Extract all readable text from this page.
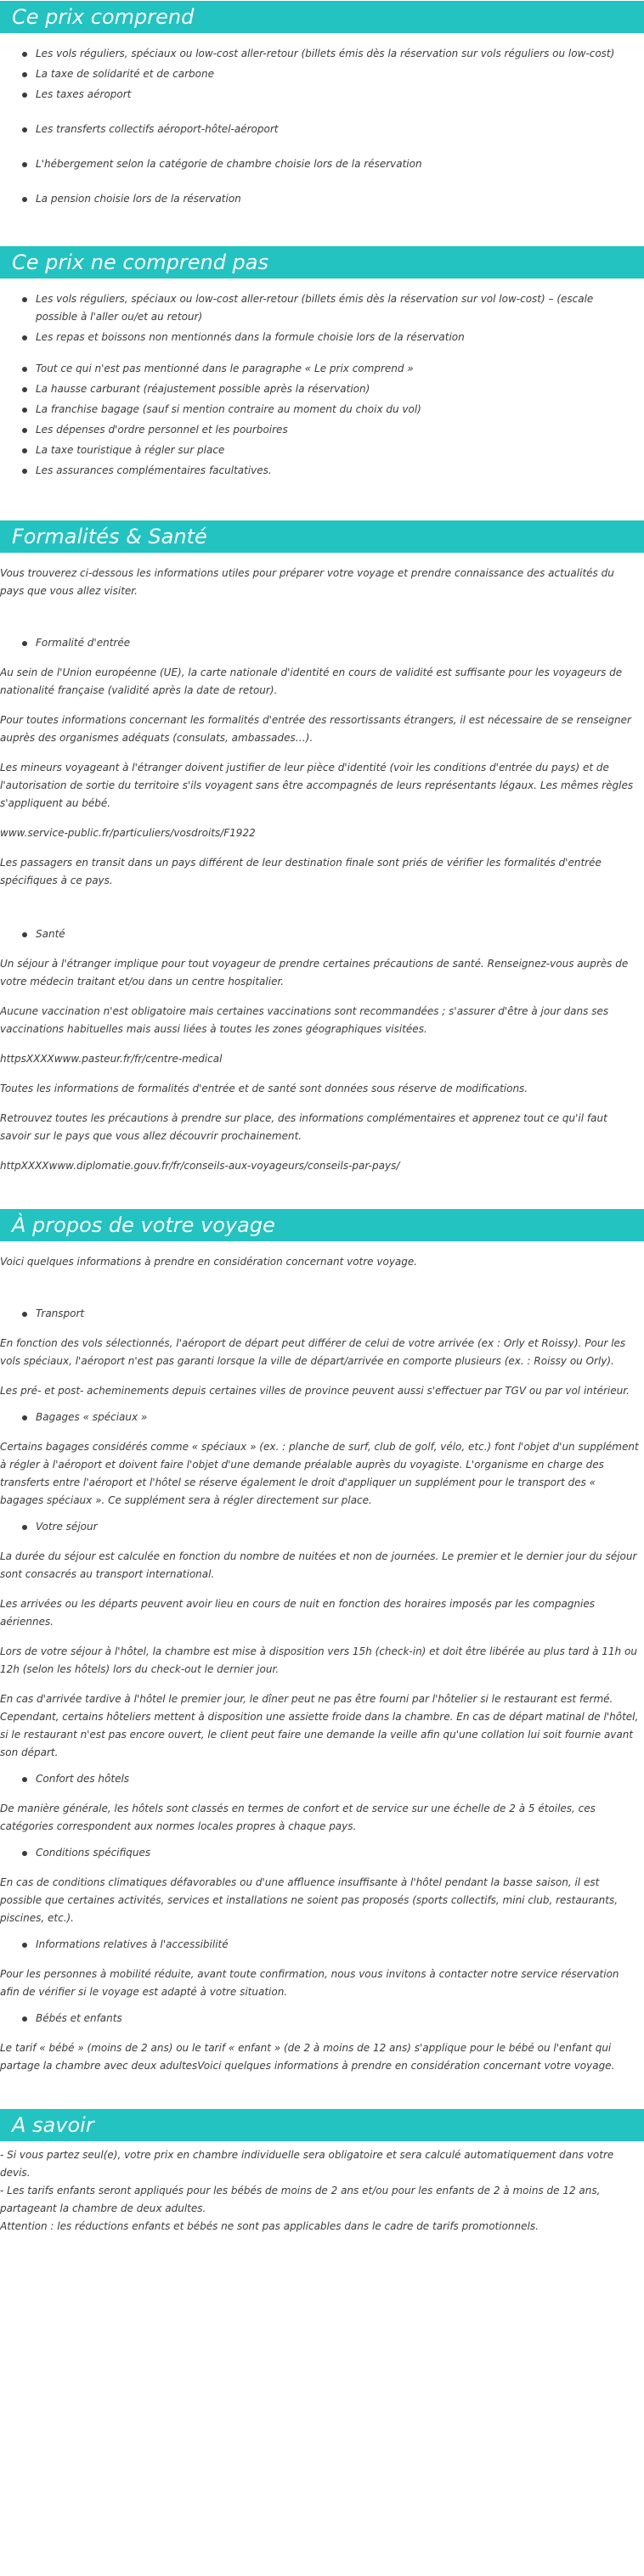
Ce prix comprend
Les vols réguliers, spéciaux ou low-cost aller-retour (billets émis dès la réservation sur vols réguliers ou low-cost)
La taxe de solidarité et de carbone
Les taxes aéroport
Les transferts collectifs aéroport-hôtel-aéroport
L'hébergement selon la catégorie de chambre choisie lors de la réservation
La pension choisie lors de la réservation
Ce prix ne comprend pas
Les vols réguliers, spéciaux ou low-cost aller-retour (billets émis dès la réservation sur vol low-cost) – (escale possible à l'aller ou/et au retour)
Les repas et boissons non mentionnés dans la formule choisie lors de la réservation
Tout ce qui n'est pas mentionné dans le paragraphe « Le prix comprend »
La hausse carburant (réajustement possible après la réservation)
La franchise bagage (sauf si mention contraire au moment du choix du vol)
Les dépenses d'ordre personnel et les pourboires
La taxe touristique à régler sur place
Les assurances complémentaires facultatives.
Formalités & Santé

Vous trouverez ci-dessous les informations utiles pour préparer votre voyage et prendre connaissance des actualités du pays que vous allez visiter.

Formalité d'entrée

Au sein de l'Union européenne (UE), la carte nationale d'identité en cours de validité est suffisante pour les voyageurs de nationalité française (validité après la date de retour).

Pour toutes informations concernant les formalités d'entrée des ressortissants étrangers, il est nécessaire de se renseigner auprès des organismes adéquats (consulats, ambassades…).

Les mineurs voyageant à l'étranger doivent justifier de leur pièce d'identité (voir les conditions d'entrée du pays) et de l'autorisation de sortie du territoire s'ils voyagent sans être accompagnés de leurs représentants légaux. Les mêmes règles s'appliquent au bébé.

www.service-public.fr/particuliers/vosdroits/F1922

Les passagers en transit dans un pays différent de leur destination finale sont priés de vérifier les formalités d'entrée spécifiques à ce pays.

Santé

Un séjour à l'étranger implique pour tout voyageur de prendre certaines précautions de santé. Renseignez-vous auprès de votre médecin traitant et/ou dans un centre hospitalier.

Aucune vaccination n'est obligatoire mais certaines vaccinations sont recommandées ; s'assurer d'être à jour dans ses vaccinations habituelles mais aussi liées à toutes les zones géographiques visitées.

httpsXXXXwww.pasteur.fr/fr/centre-medical

Toutes les informations de formalités d'entrée et de santé sont données sous réserve de modifications.

Retrouvez toutes les précautions à prendre sur place, des informations complémentaires et apprenez tout ce qu'il faut savoir sur le pays que vous allez découvrir prochainement.

httpXXXXwww.diplomatie.gouv.fr/fr/conseils-aux-voyageurs/conseils-par-pays/

À propos de votre voyage

Voici quelques informations à prendre en considération concernant votre voyage.

Transport

En fonction des vols sélectionnés, l'aéroport de départ peut différer de celui de votre arrivée (ex : Orly et Roissy). Pour les vols spéciaux, l'aéroport n'est pas garanti lorsque la ville de départ/arrivée en comporte plusieurs (ex. : Roissy ou Orly).

Les pré- et post- acheminements depuis certaines villes de province peuvent aussi s'effectuer par TGV ou par vol intérieur.

Bagages « spéciaux »

Certains bagages considérés comme « spéciaux » (ex. : planche de surf, club de golf, vélo, etc.) font l'objet d'un supplément à régler à l'aéroport et doivent faire l'objet d'une demande préalable auprès du voyagiste. L'organisme en charge des transferts entre l'aéroport et l'hôtel se réserve également le droit d'appliquer un supplément pour le transport des « bagages spéciaux ». Ce supplément sera à régler directement sur place.

Votre séjour

La durée du séjour est calculée en fonction du nombre de nuitées et non de journées. Le premier et le dernier jour du séjour sont consacrés au transport international.

Les arrivées ou les départs peuvent avoir lieu en cours de nuit en fonction des horaires imposés par les compagnies aériennes.

Lors de votre séjour à l'hôtel, la chambre est mise à disposition vers 15h (check-in) et doit être libérée au plus tard à 11h ou 12h (selon les hôtels) lors du check-out le dernier jour.

En cas d'arrivée tardive à l'hôtel le premier jour, le dîner peut ne pas être fourni par l'hôtelier si le restaurant est fermé. Cependant, certains hôteliers mettent à disposition une assiette froide dans la chambre. En cas de départ matinal de l'hôtel, si le restaurant n'est pas encore ouvert, le client peut faire une demande la veille afin qu'une collation lui soit fournie avant son départ.

Confort des hôtels

De manière générale, les hôtels sont classés en termes de confort et de service sur une échelle de 2 à 5 étoiles, ces catégories correspondent aux normes locales propres à chaque pays.

Conditions spécifiques

En cas de conditions climatiques défavorables ou d'une affluence insuffisante à l'hôtel pendant la basse saison, il est possible que certaines activités, services et installations ne soient pas proposés (sports collectifs, mini club, restaurants, piscines, etc.).

Informations relatives à l'accessibilité

Pour les personnes à mobilité réduite, avant toute confirmation, nous vous invitons à contacter notre service réservation afin de vérifier si le voyage est adapté à votre situation.

Bébés et enfants

Le tarif « bébé » (moins de 2 ans) ou le tarif « enfant » (de 2 à moins de 12 ans) s'applique pour le bébé ou l'enfant qui partage la chambre avec deux adultesVoici quelques informations à prendre en considération concernant votre voyage.

A savoir
- Si vous partez seul(e), votre prix en chambre individuelle sera obligatoire et sera calculé automatiquement dans votre devis.
- Les tarifs enfants seront appliqués pour les bébés de moins de 2 ans et/ou pour les enfants de 2 à moins de 12 ans, partageant la chambre de deux adultes.
Attention : les réductions enfants et bébés ne sont pas applicables dans le cadre de tarifs promotionnels.
